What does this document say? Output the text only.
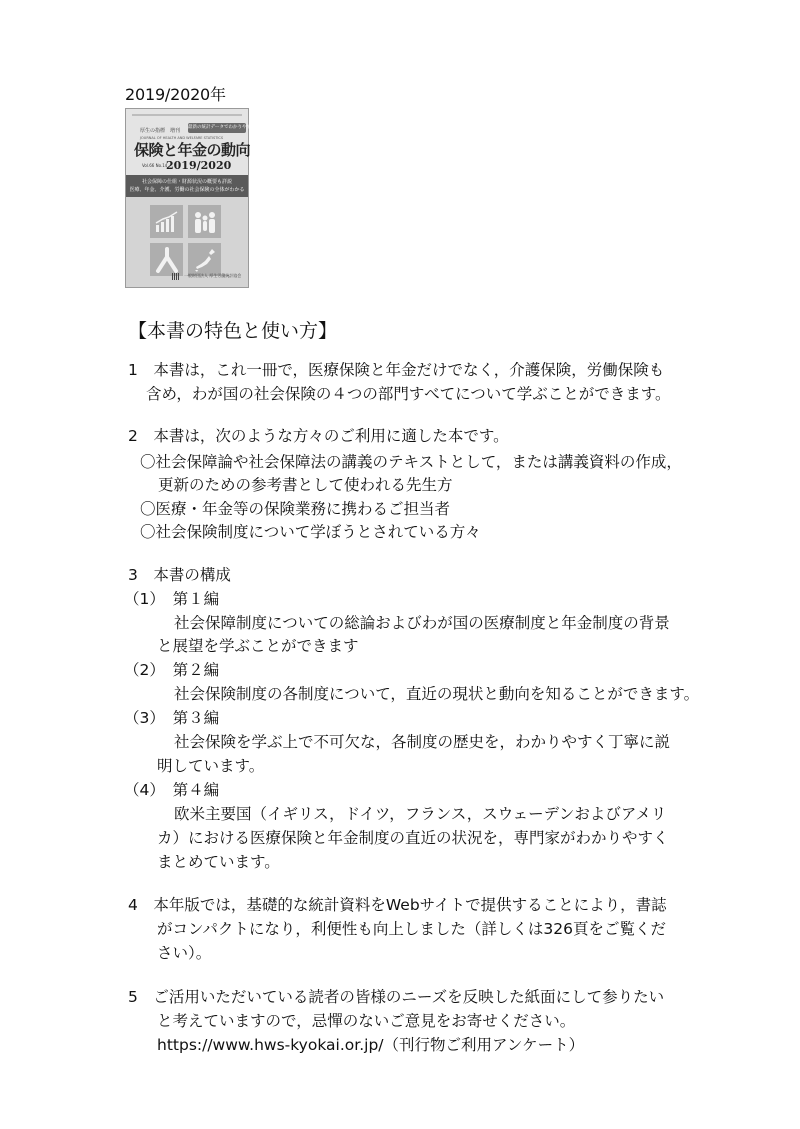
2019/2020年
最新の統計データでわかりやすく解説
厚生の指標　増刊
JOURNAL OF HEALTH AND WELFARE STATISTICS
保険と年金の動向
Vol.66 No.14
2019/2020
社会保障の仕組・財源状況の概要も詳説
医療、年金、介護、労働の社会保険の全体がわかる
一般財団法人 厚生労働統計協会
【本書の特色と使い方】
1　本書は，これ一冊で，医療保険と年金だけでなく，介護保険，労働保険も
含め，わが国の社会保険の４つの部門すべてについて学ぶことができます。
2　本書は，次のような方々のご利用に適した本です。
〇社会保障論や社会保障法の講義のテキストとして，または講義資料の作成，
更新のための参考書として使われる先生方
〇医療・年金等の保険業務に携わるご担当者
〇社会保険制度について学ぼうとされている方々
3　本書の構成
（1）　第１編
社会保障制度についての総論およびわが国の医療制度と年金制度の背景
と展望を学ぶことができます
（2）　第２編
社会保険制度の各制度について，直近の現状と動向を知ることができます。
（3）　第３編
社会保険を学ぶ上で不可欠な，各制度の歴史を，わかりやすく丁寧に説
明しています。
（4）　第４編
欧米主要国（イギリス，ドイツ，フランス，スウェーデンおよびアメリ
カ）における医療保険と年金制度の直近の状況を，専門家がわかりやすく
まとめています。
4　本年版では，基礎的な統計資料をWebサイトで提供することにより，書誌
がコンパクトになり，利便性も向上しました（詳しくは326頁をご覧くだ
さい）。
5　ご活用いただいている読者の皆様のニーズを反映した紙面にして参りたい
と考えていますので，忌憚のないご意見をお寄せください。
https://www.hws-kyokai.or.jp/（刊行物ご利用アンケート）
